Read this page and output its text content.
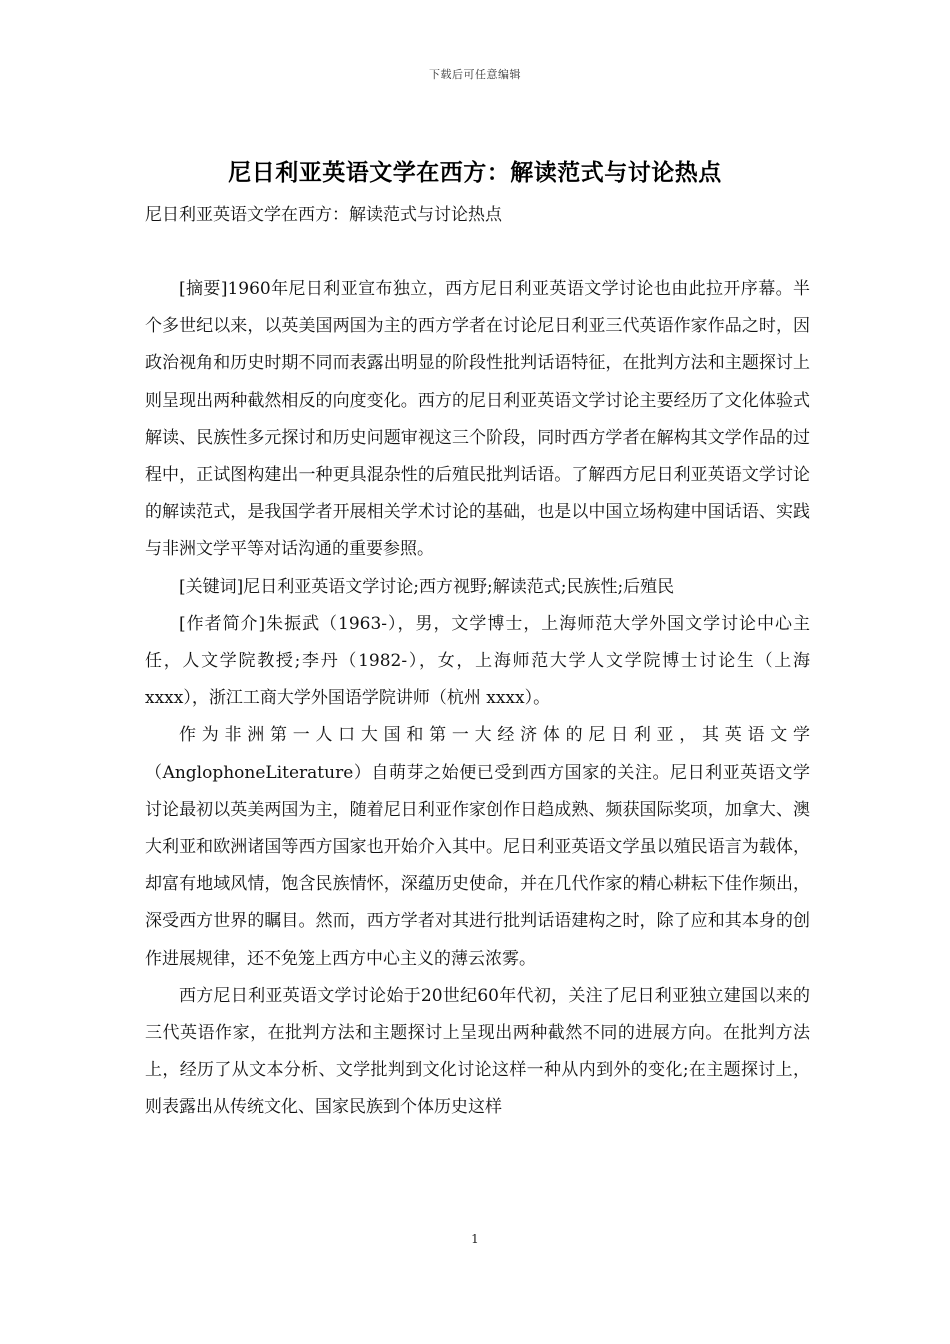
下载后可任意编辑
尼日利亚英语文学在西方：解读范式与讨论热点
尼日利亚英语文学在西方：解读范式与讨论热点

[摘要]1960年尼日利亚宣布独立，西方尼日利亚英语文学讨论也由此拉开序幕。半个多世纪以来，以英美国两国为主的西方学者在讨论尼日利亚三代英语作家作品之时，因政治视角和历史时期不同而表露出明显的阶段性批判话语特征，在批判方法和主题探讨上则呈现出两种截然相反的向度变化。西方的尼日利亚英语文学讨论主要经历了文化体验式解读、民族性多元探讨和历史问题审视这三个阶段，同时西方学者在解构其文学作品的过程中，正试图构建出一种更具混杂性的后殖民批判话语。了解西方尼日利亚英语文学讨论的解读范式，是我国学者开展相关学术讨论的基础，也是以中国立场构建中国话语、实践与非洲文学平等对话沟通的重要参照。

[关键词]尼日利亚英语文学讨论;西方视野;解读范式;民族性;后殖民

[作者简介]朱振武（1963-），男，文学博士，上海师范大学外国文学讨论中心主任，人文学院教授;李丹（1982-），女，上海师范大学人文学院博士讨论生（上海 xxxx），浙江工商大学外国语学院讲师（杭州 xxxx）。

作为非洲第一人口大国和第一大经济体的尼日利亚，其英语文学（AnglophoneLiterature）自萌芽之始便已受到西方国家的关注。尼日利亚英语文学讨论最初以英美两国为主，随着尼日利亚作家创作日趋成熟、频获国际奖项，加拿大、澳大利亚和欧洲诸国等西方国家也开始介入其中。尼日利亚英语文学虽以殖民语言为载体，却富有地域风情，饱含民族情怀，深蕴历史使命，并在几代作家的精心耕耘下佳作频出，深受西方世界的瞩目。然而，西方学者对其进行批判话语建构之时，除了应和其本身的创作进展规律，还不免笼上西方中心主义的薄云浓雾。

西方尼日利亚英语文学讨论始于20世纪60年代初，关注了尼日利亚独立建国以来的三代英语作家，在批判方法和主题探讨上呈现出两种截然不同的进展方向。在批判方法上，经历了从文本分析、文学批判到文化讨论这样一种从内到外的变化;在主题探讨上，则表露出从传统文化、国家民族到个体历史这样

1
